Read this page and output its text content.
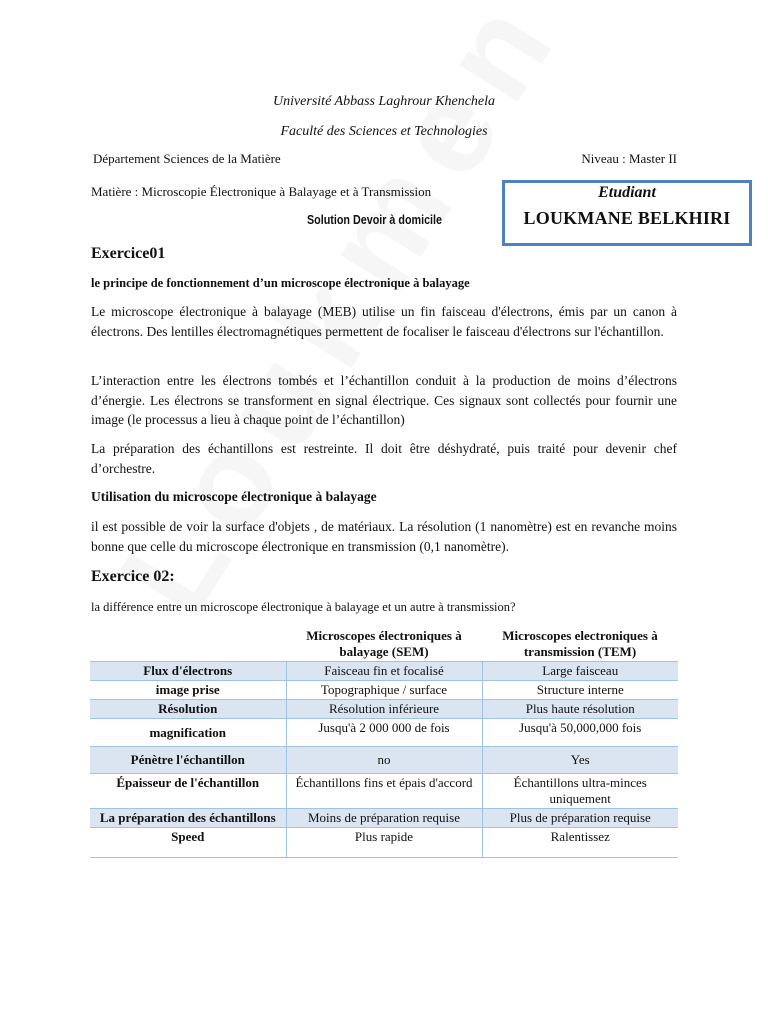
Université Abbass Laghrour Khenchela
Faculté des Sciences et Technologies
Département Sciences de la Matière	Niveau : Master II
Matière : Microscopie Électronique à Balayage et à Transmission
Solution Devoir à domicile
Etudiant
LOUKMANE BELKHIRI
Exercice01
le principe de fonctionnement d’un microscope électronique à balayage

Le microscope électronique à balayage (MEB) utilise un fin faisceau d'électrons, émis par un canon à électrons. Des lentilles électromagnétiques permettent de focaliser le faisceau d'électrons sur l'échantillon.

L’interaction entre les électrons tombés et l’échantillon conduit à la production de moins d’électrons d’énergie. Les électrons se transforment en signal électrique. Ces signaux sont collectés pour fournir une image (le processus a lieu à chaque point de l’échantillon)

La préparation des échantillons est restreinte. Il doit être déshydraté, puis traité pour devenir chef d’orchestre.

Utilisation du microscope électronique à balayage

il est possible de voir la surface d'objets , de matériaux. La résolution (1 nanomètre) est en revanche moins bonne que celle du microscope électronique en transmission (0,1 nanomètre).

Exercice 02:
la différence entre un microscope électronique à balayage et un autre à transmission?
	Microscopes électroniques à balayage (SEM)	Microscopes electroniques à transmission (TEM)
Flux d'électrons	Faisceau fin et focalisé	Large faisceau
image prise	Topographique / surface	Structure interne
Résolution	Résolution inférieure	Plus haute résolution
magnification	Jusqu'à 2 000 000 de fois	Jusqu'à 50,000,000 fois
Pénètre l'échantillon	no	Yes
Épaisseur de l'échantillon	Échantillons fins et épais d'accord	Échantillons ultra-minces uniquement
La préparation des échantillons	Moins de préparation requise	Plus de préparation requise
Speed	Plus rapide	Ralentissez
